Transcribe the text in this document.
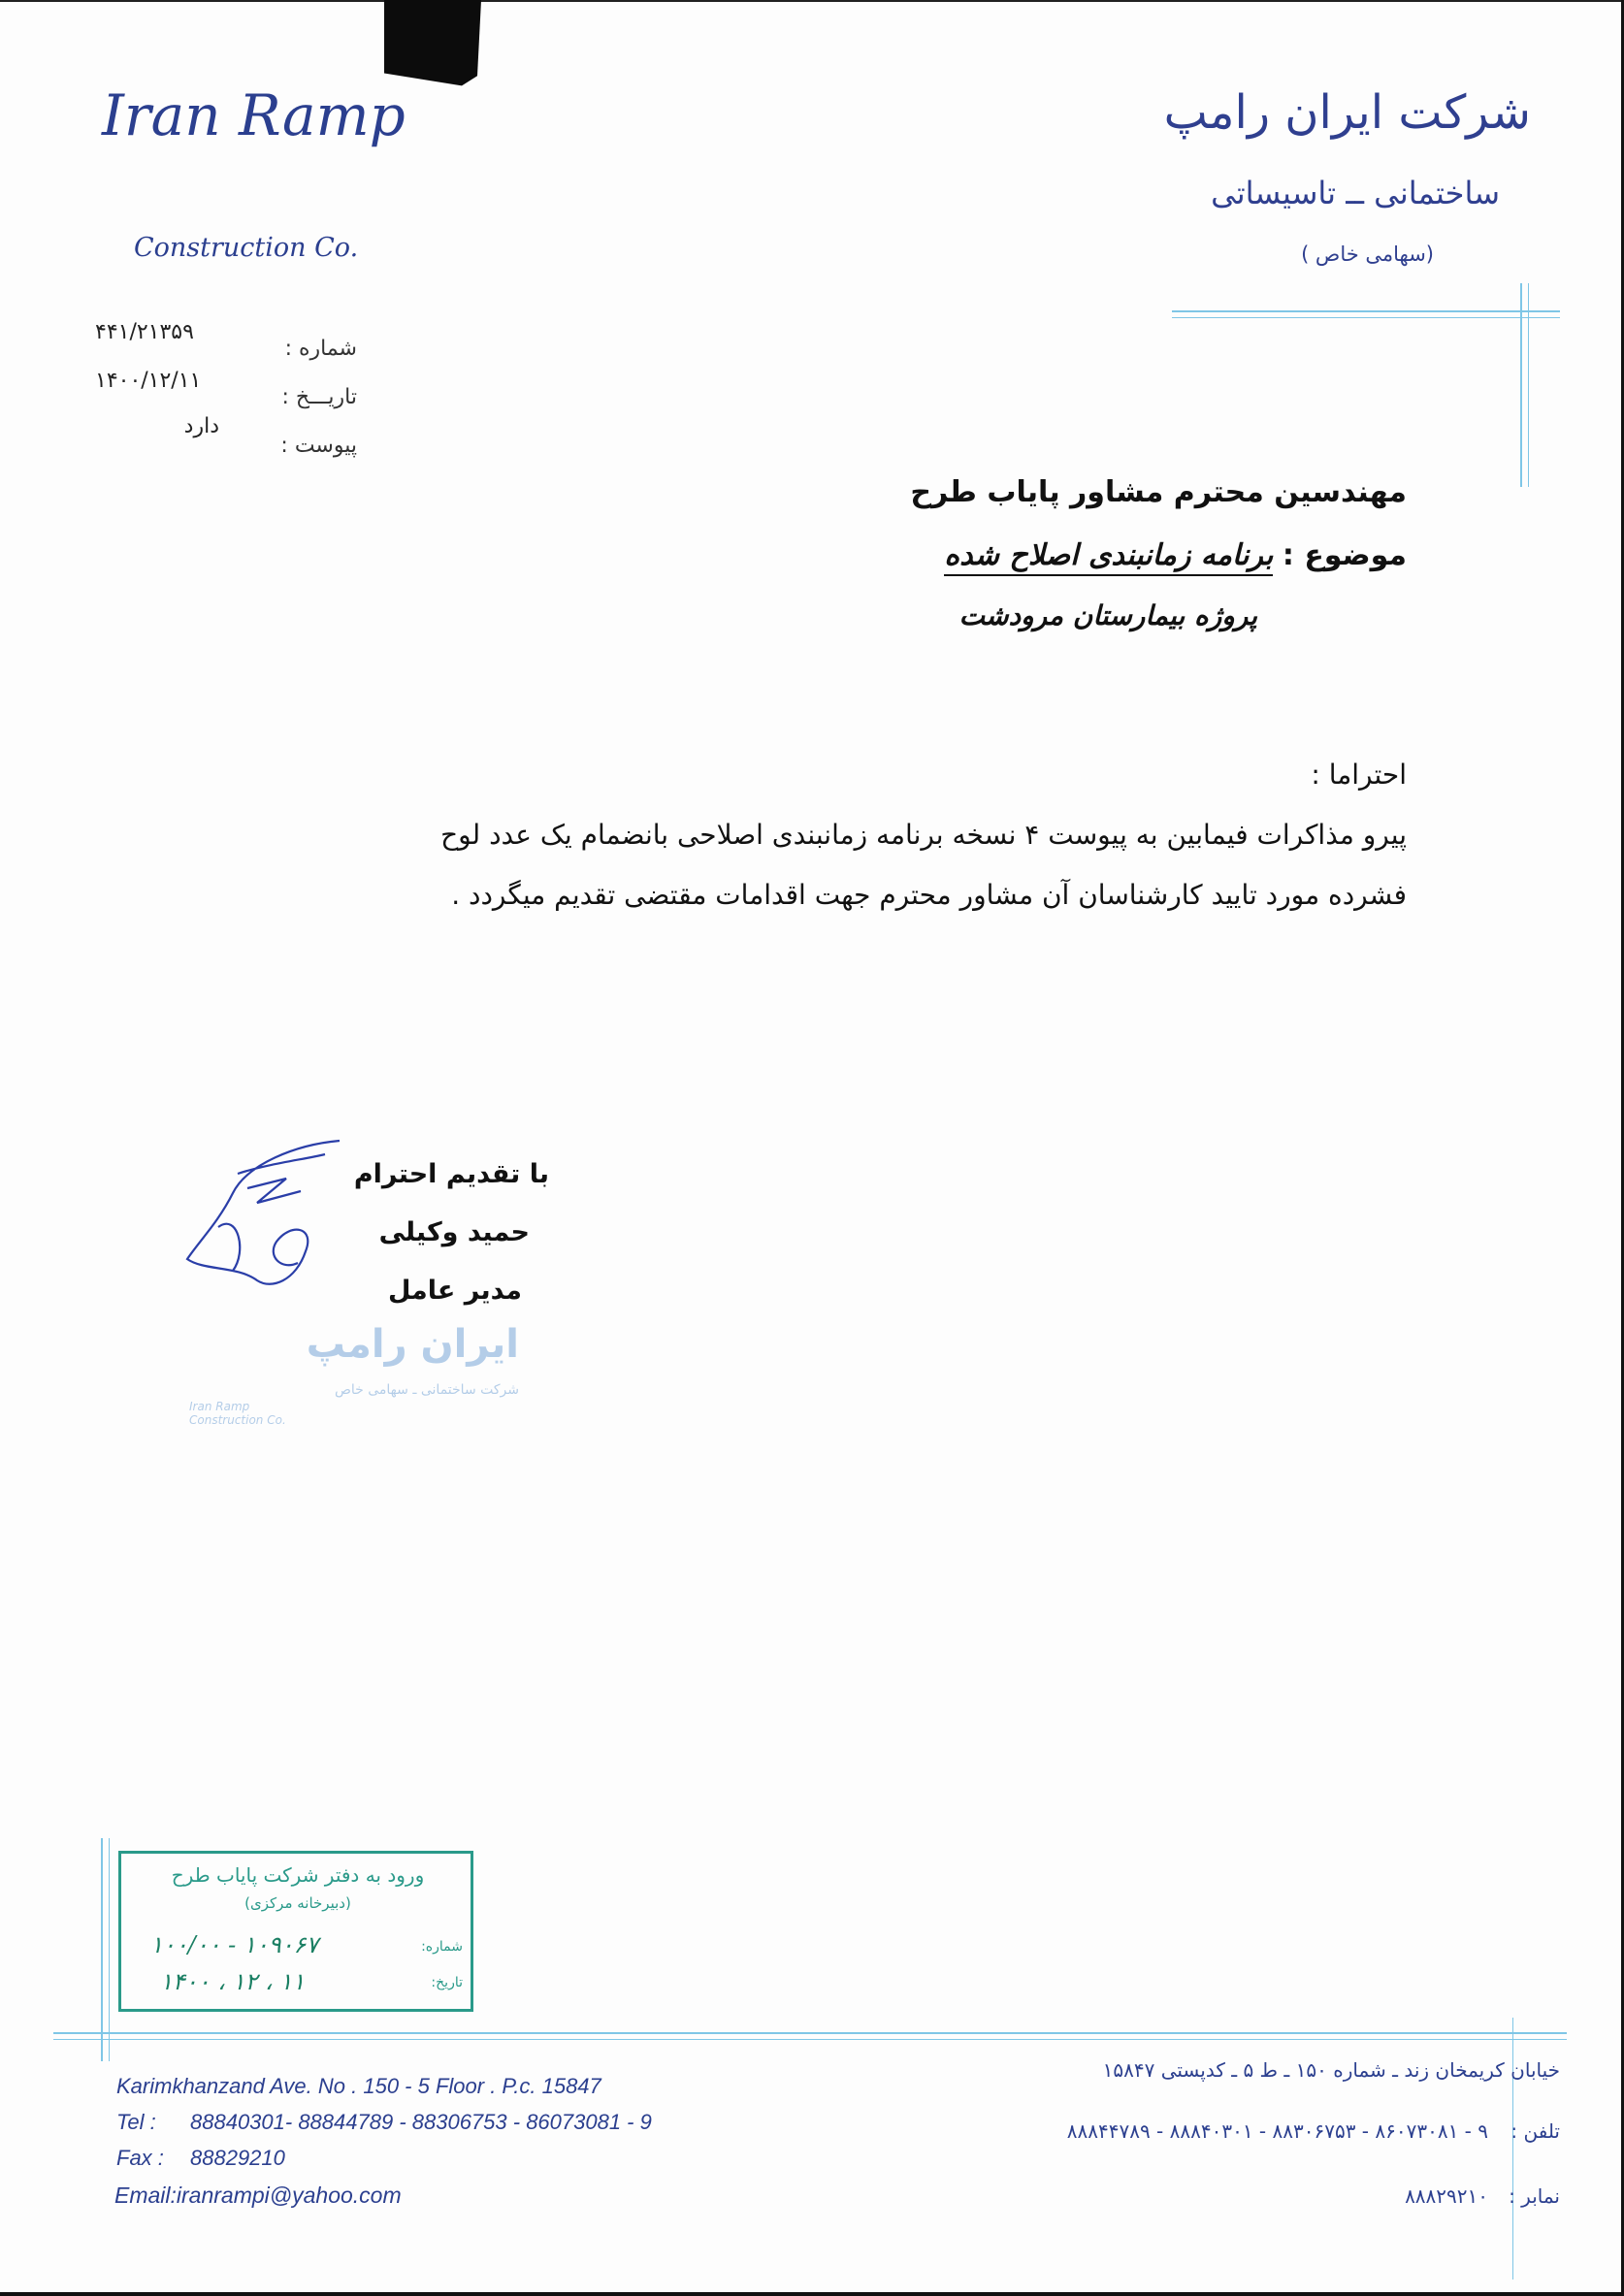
Iran Ramp
Construction Co.
شرکت ایران رامپ
ساختمانی ــ تاسیساتی
(سهامی خاص )
۴۴۱/۲۱۳۵۹
۱۴۰۰/۱۲/۱۱
دارد
شماره :
تاریـــخ :
پیوست :
مهندسین محترم مشاور پایاب طرح
موضوع : برنامه زمانبندی اصلاح شده
پروژه بیمارستان مرودشت
احتراما :
پیرو مذاکرات فیمابین به پیوست ۴ نسخه برنامه زمانبندی اصلاحی بانضمام یک عدد لوح
فشرده مورد تایید کارشناسان آن مشاور محترم جهت اقدامات مقتضی تقدیم میگردد .
با تقدیم احترام
حمید وکیلی
مدیر عامل
ایران رامپ
شرکت ساختمانی ـ سهامی خاص
Iran Ramp Construction Co.
ورود به دفتر شرکت پایاب طرح
(دبیرخانه مرکزی)
شماره:
۱۰۰/۰۰ - ۱۰۹۰۶۷
تاریخ:
۱۱ ، ۱۲ ، ۱۴۰۰
Karimkhanzand Ave. No . 150 - 5 Floor . P.c. 15847
Tel : 88840301- 88844789 - 88306753 - 86073081 - 9
Fax : 88829210
Email:iranrampi@yahoo.com
خیابان کریمخان زند ـ شماره ۱۵۰ ـ ط ۵ ـ کدپستی ۱۵۸۴۷
تلفن :
۹ - ۸۶۰۷۳۰۸۱ - ۸۸۳۰۶۷۵۳ - ۸۸۸۴۰۳۰۱ - ۸۸۸۴۴۷۸۹
نمابر :
۸۸۸۲۹۲۱۰
